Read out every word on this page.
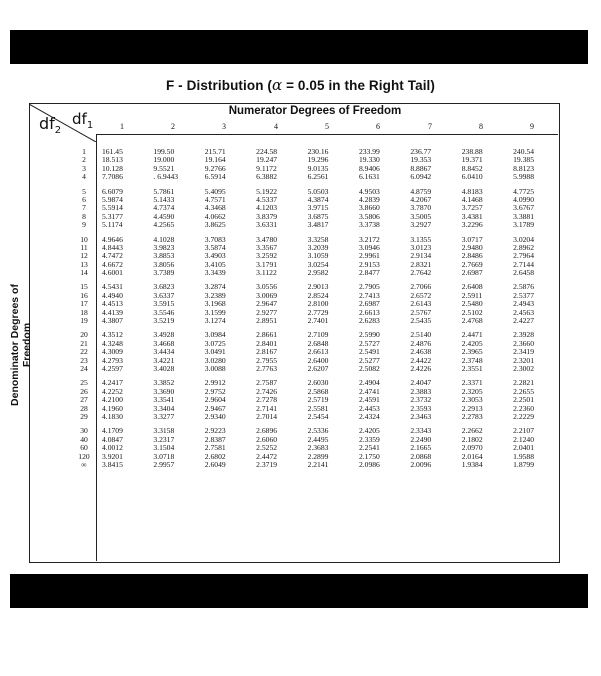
F - Distribution (α = 0.05 in the Right Tail)
Numerator Degrees of Freedom
$df_2$
$df_1$	1	2	3	4	5	6	7	8	9
Denominator Degrees of Freedom
1	161.45	199.50	215.71	224.58	230.16	233.99	236.77	238.88	240.54
2	18.513	19.000	19.164	19.247	19.296	19.330	19.353	19.371	19.385
3	10.128	9.5521	9.2766	9.1172	9.0135	8.9406	8.8867	8.8452	8.8123
4	7.7086	. 6.9443	6.5914	6.3882	6.2561	6.1631	6.0942	6.0410	5.9988
5	6.6079	5.7861	5.4095	5.1922	5.0503	4.9503	4.8759	4.8183	4.7725
6	5.9874	5.1433	4.7571	4.5337	4.3874	4.2839	4.2067	4.1468	4.0990
7	5.5914	4.7374	4.3468	4.1203	3.9715	3.8660	3.7870	3.7257	3.6767
8	5.3177	4.4590	4.0662	3.8379	3.6875	3.5806	3.5005	3.4381	3.3881
9	5.1174	4.2565	3.8625	3.6331	3.4817	3.3738	3.2927	3.2296	3.1789
10	4.9646	4.1028	3.7083	3.4780	3.3258	3.2172	3.1355	3.0717	3.0204
11	4.8443	3.9823	3.5874	3.3567	3.2039	3.0946	3.0123	2.9480	2.8962
12	4.7472	3.8853	3.4903	3.2592	3.1059	2.9961	2.9134	2.8486	2.7964
13	4.6672	3.8056	3.4105	3.1791	3.0254	2.9153	2.8321	2.7669	2.7144
14	4.6001	3.7389	3.3439	3.1122	2.9582	2.8477	2.7642	2.6987	2.6458
15	4.5431	3.6823	3.2874	3.0556	2.9013	2.7905	2.7066	2.6408	2.5876
16	4.4940	3.6337	3.2389	3.0069	2.8524	2.7413	2.6572	2.5911	2.5377
17	4.4513	3.5915	3.1968	2.9647	2.8100	2.6987	2.6143	2.5480	2.4943
18	4.4139	3.5546	3.1599	2.9277	2.7729	2.6613	2.5767	2.5102	2.4563
19	4.3807	3.5219	3.1274	2.8951	2.7401	2.6283	2.5435	2.4768	2.4227
20	4.3512	3.4928	3.0984	2.8661	2.7109	2.5990	2.5140	2.4471	2.3928
21	4.3248	3.4668	3.0725	2.8401	2.6848	2.5727	2.4876	2.4205	2.3660
22	4.3009	3.4434	3.0491	2.8167	2.6613	2.5491	2.4638	2.3965	2.3419
23	4.2793	3.4221	3.0280	2.7955	2.6400	2.5277	2.4422	2.3748	2.3201
24	4.2597	3.4028	3.0088	2.7763	2.6207	2.5082	2.4226	2.3551	2.3002
25	4.2417	3.3852	2.9912	2.7587	2.6030	2.4904	2.4047	2.3371	2.2821
26	4.2252	3.3690	2.9752	2.7426	2.5868	2.4741	2.3883	2.3205	2.2655
27	4.2100	3.3541	2.9604	2.7278	2.5719	2.4591	2.3732	2.3053	2.2501
28	4.1960	3.3404	2.9467	2.7141	2.5581	2.4453	2.3593	2.2913	2.2360
29	4.1830	3.3277	2.9340	2.7014	2.5454	2.4324	2.3463	2.2783	2.2229
30	4.1709	3.3158	2.9223	2.6896	2.5336	2.4205	2.3343	2.2662	2.2107
40	4.0847	3.2317	2.8387	2.6060	2.4495	2.3359	2.2490	2.1802	2.1240
60	4.0012	3.1504	2.7581	2.5252	2.3683	2.2541	2.1665	2.0970	2.0401
120	3.9201	3.0718	2.6802	2.4472	2.2899	2.1750	2.0868	2.0164	1.9588
∞	3.8415	2.9957	2.6049	2.3719	2.2141	2.0986	2.0096	1.9384	1.8799
